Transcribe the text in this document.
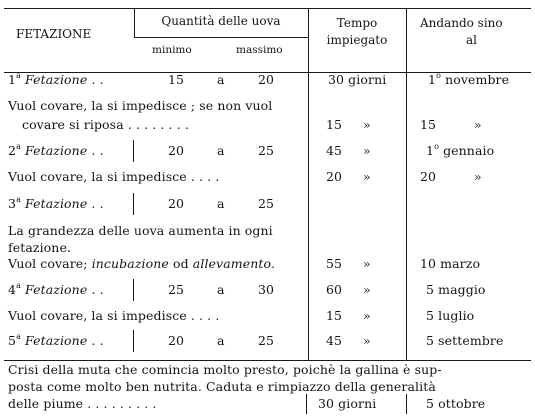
FETAZIONE
Quantità delle uova
minimo	massimo
Tempo
impiegato
Andando sino
al
1$^a$ Fetazione . .	15	a	20	30 giorni	1$^o$ novembre
Vuol covare, la si impedisce ; se non vuol
covare si riposa . . . . . . . .	15 »	15	»
2$^a$ Fetazione . .	20	a	25	45 »	1$^o$ gennaio
Vuol covare, la si impedisce . . . .	20 »	20	»
3$^a$ Fetazione . .	20	a	25
La grandezza delle uova aumenta in ogni
fetazione.
Vuol covare; incubazione od allevamento.	55 »	10 marzo
4$^a$ Fetazione . .	25	a	30	60 »	5 maggio
Vuol covare, la si impedisce . . . .	15 »	5 luglio
5$^a$ Fetazione . .	20	a	25	45 »	5 settembre
Crisi della muta che comincia molto presto, poichè la gallina è sup-
posta come molto ben nutrita. Caduta e rimpiazzo della generalità
delle piume . . . . . . . . .	30 giorni	5 ottobre
